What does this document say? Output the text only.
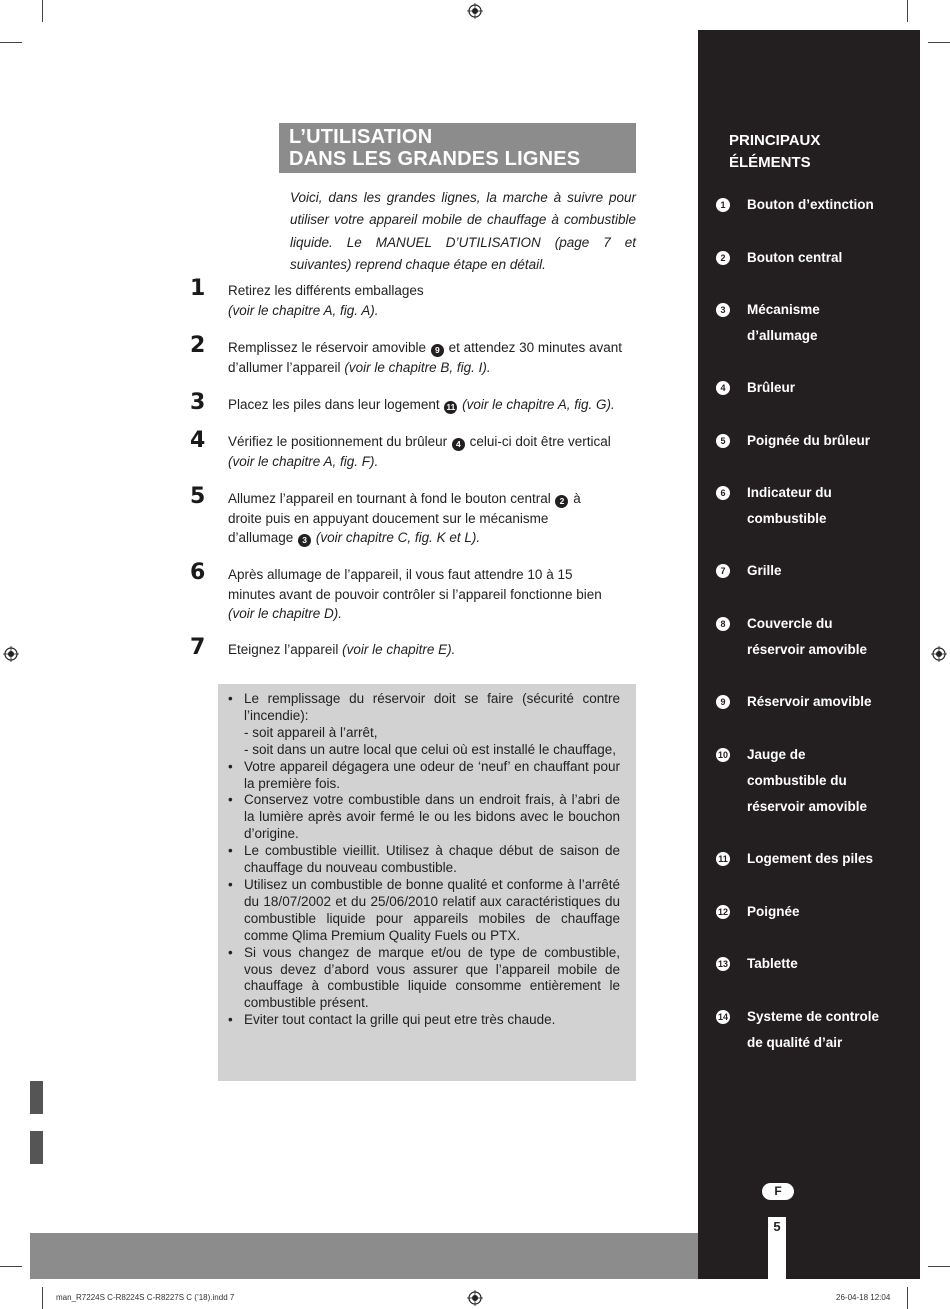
L’UTILISATION
DANS LES GRANDES LIGNES
Voici, dans les grandes lignes, la marche à suivre pour utiliser votre appareil mobile de chauffage à combustible liquide. Le MANUEL D’UTILISATION (page 7 et suivantes) reprend chaque étape en détail.
1 Retirez les différents emballages
(voir le chapitre A, fig. A).
2 Remplissez le réservoir amovible 9 et attendez 30 minutes avant d’allumer l’appareil (voir le chapitre B, fig. I).
3 Placez les piles dans leur logement 11 (voir le chapitre A, fig. G).
4 Vérifiez le positionnement du brûleur 4 celui-ci doit être vertical (voir le chapitre A, fig. F).
5 Allumez l’appareil en tournant à fond le bouton central 2 à droite puis en appuyant doucement sur le mécanisme d’allumage 3 (voir chapitre C, fig. K et L).
6 Après allumage de l’appareil, il vous faut attendre 10 à 15 minutes avant de pouvoir contrôler si l’appareil fonctionne bien (voir le chapitre D).
7 Eteignez l’appareil (voir le chapitre E).
• Le remplissage du réservoir doit se faire (sécurité contre l’incendie):
- soit appareil à l’arrêt,
- soit dans un autre local que celui où est installé le chauffage,
• Votre appareil dégagera une odeur de ‘neuf’ en chauffant pour la première fois.
• Conservez votre combustible dans un endroit frais, à l’abri de la lumière après avoir fermé le ou les bidons avec le bouchon d’origine.
• Le combustible vieillit. Utilisez à chaque début de saison de chauffage du nouveau combustible.
• Utilisez un combustible de bonne qualité et conforme à l’arrêté du 18/07/2002 et du 25/06/2010 relatif aux caractéristiques du combustible liquide pour appareils mobiles de chauffage comme Qlima Premium Quality Fuels ou PTX.
• Si vous changez de marque et/ou de type de combustible, vous devez d’abord vous assurer que l’appareil mobile de chauffage à combustible liquide consomme entièrement le combustible présent.
• Eviter tout contact la grille qui peut etre très chaude.
PRINCIPAUX
ÉLÉMENTS
1	Bouton d’extinction
2	Bouton central
3	Mécanisme d’allumage
4	Brûleur
5	Poignée du brûleur
6	Indicateur du combustible
7	Grille
8	Couvercle du réservoir amovible
9	Réservoir amovible
10 Jauge de combustible du réservoir amovible
11 Logement des piles
12 Poignée
13 Tablette
14 Systeme de controle de qualité d’air
F
5
man_R7224S C-R8224S C-R8227S C (’18).indd 7	26-04-18 12:04
